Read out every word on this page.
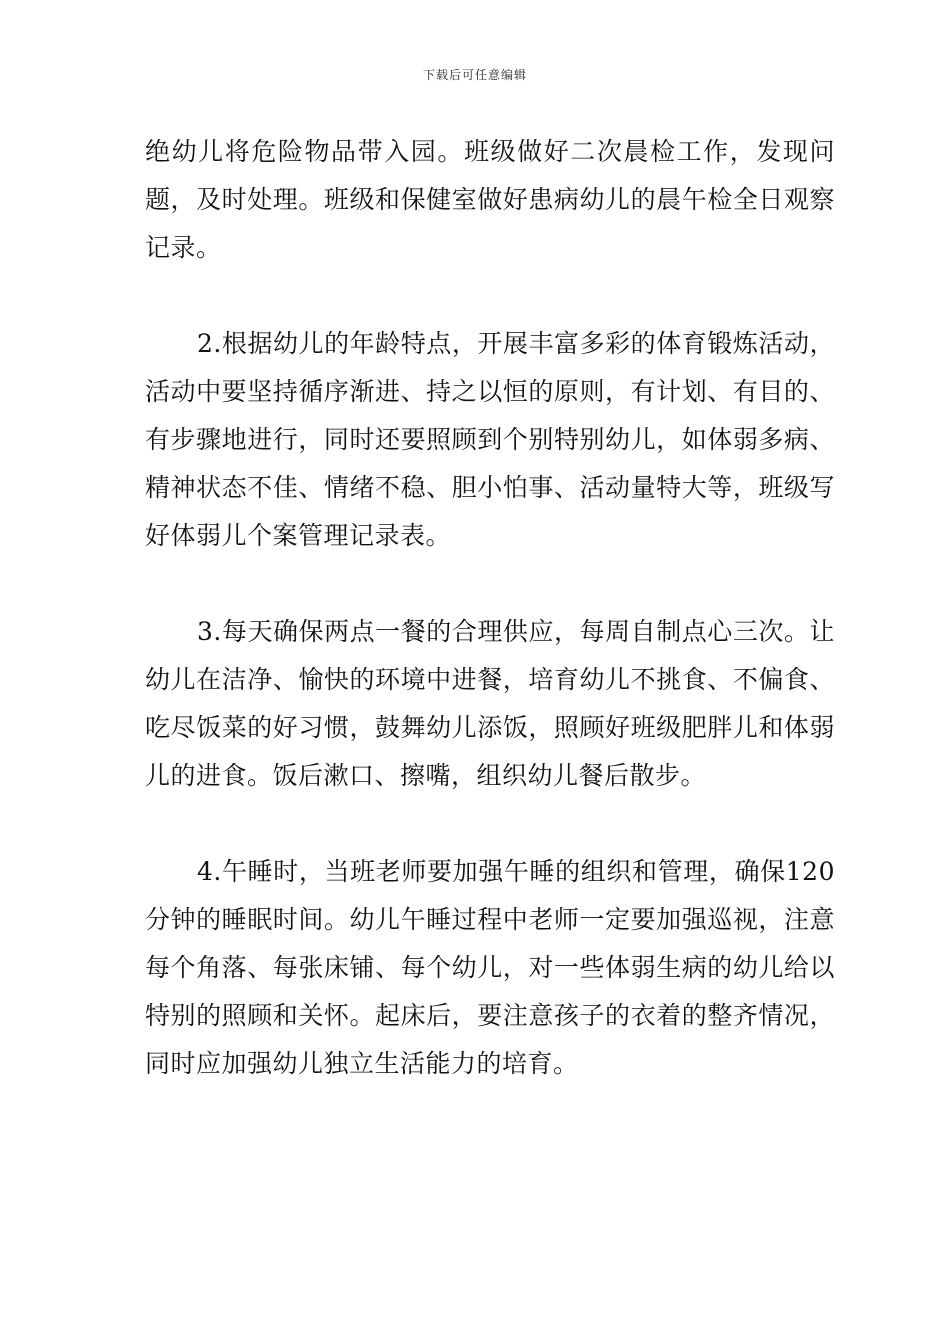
下载后可任意编辑

绝幼儿将危险物品带入园。班级做好二次晨检工作，发现问题，及时处理。班级和保健室做好患病幼儿的晨午检全日观察记录。

2.根据幼儿的年龄特点，开展丰富多彩的体育锻炼活动，活动中要坚持循序渐进、持之以恒的原则，有计划、有目的、有步骤地进行，同时还要照顾到个别特别幼儿，如体弱多病、精神状态不佳、情绪不稳、胆小怕事、活动量特大等，班级写好体弱儿个案管理记录表。

3.每天确保两点一餐的合理供应，每周自制点心三次。让幼儿在洁净、愉快的环境中进餐，培育幼儿不挑食、不偏食、吃尽饭菜的好习惯，鼓舞幼儿添饭，照顾好班级肥胖儿和体弱儿的进食。饭后漱口、擦嘴，组织幼儿餐后散步。

4.午睡时，当班老师要加强午睡的组织和管理，确保120分钟的睡眠时间。幼儿午睡过程中老师一定要加强巡视，注意每个角落、每张床铺、每个幼儿，对一些体弱生病的幼儿给以特别的照顾和关怀。起床后，要注意孩子的衣着的整齐情况，同时应加强幼儿独立生活能力的培育。
